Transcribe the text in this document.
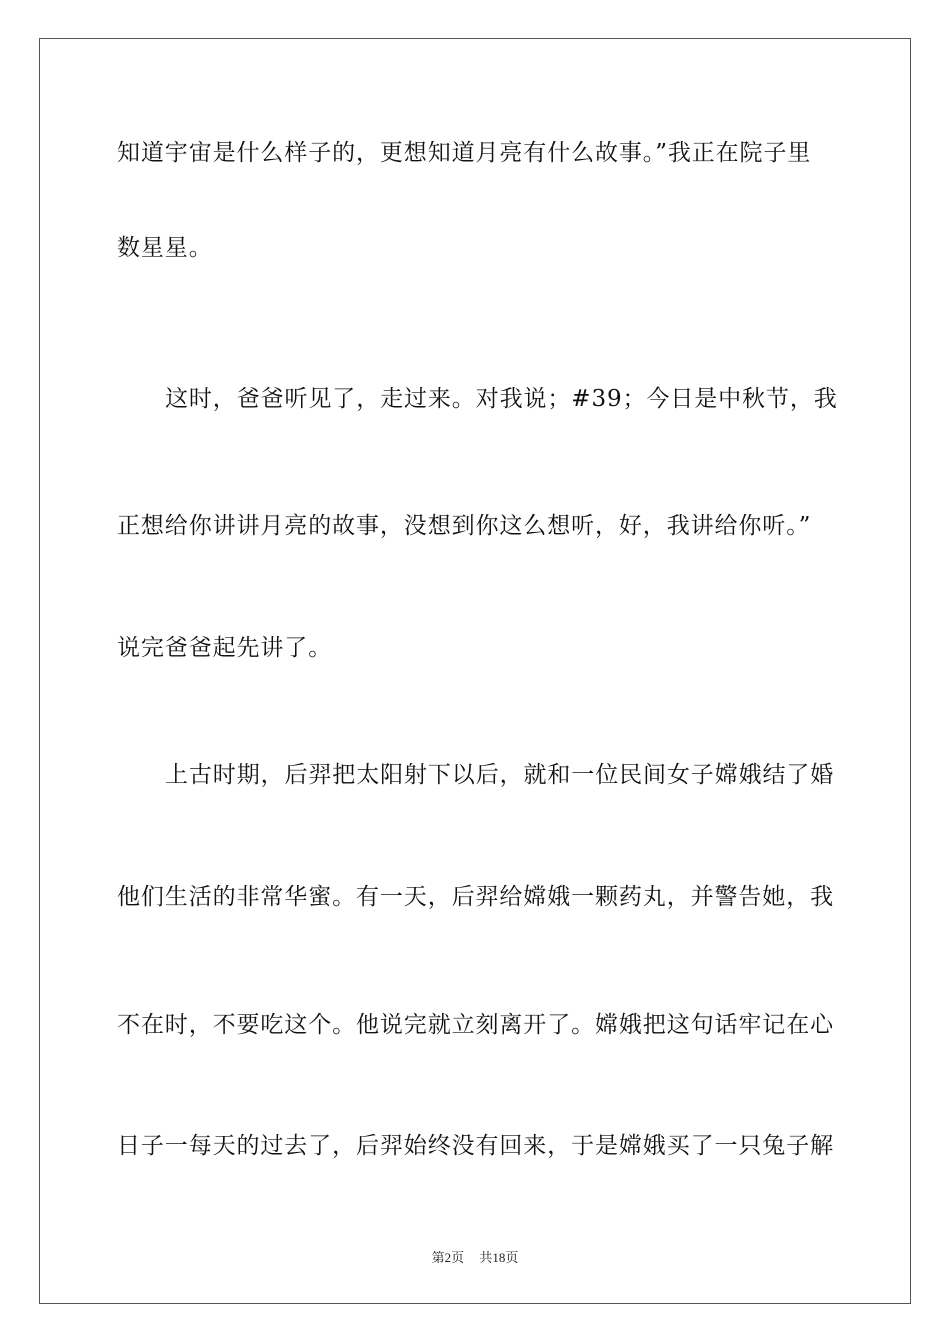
知道宇宙是什么样子的，更想知道月亮有什么故事。”我正在院子里
数星星。
这时，爸爸听见了，走过来。对我说；#39；今日是中秋节，我
正想给你讲讲月亮的故事，没想到你这么想听，好，我讲给你听。”
说完爸爸起先讲了。
上古时期，后羿把太阳射下以后，就和一位民间女子嫦娥结了婚
他们生活的非常华蜜。有一天，后羿给嫦娥一颗药丸，并警告她，我
不在时，不要吃这个。他说完就立刻离开了。嫦娥把这句话牢记在心
日子一每天的过去了，后羿始终没有回来，于是嫦娥买了一只兔子解
第2页 共18页
